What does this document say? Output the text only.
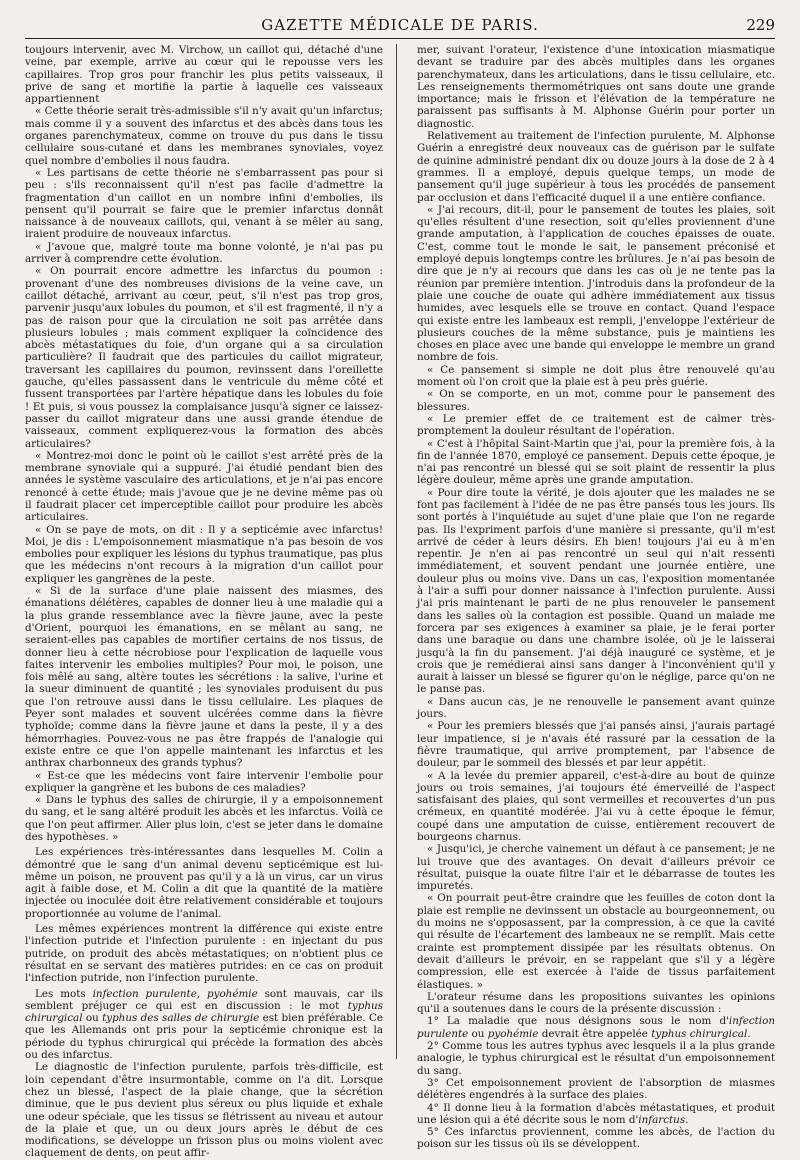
GAZETTE MÉDICALE DE PARIS.	229

toujours intervenir, avec M. Virchow, un caillot qui, détaché d'une veine, par exemple, arrive au cœur qui le repousse vers les capillaires. Trop gros pour franchir les plus petits vaisseaux, il prive de sang et mortifie la partie à laquelle ces vaisseaux appartiennent

« Cette théorie serait très-admissible s'il n'y avait qu'un infarctus; mais comme il y a souvent des infarctus et des abcès dans tous les organes parenchymateux, comme on trouve du pus dans le tissu cellulaire sous-cutané et dans les membranes synoviales, voyez quel nombre d'embolies il nous faudra.

« Les partisans de cette théorie ne s'embarrassent pas pour si peu : s'ils reconnaissent qu'il n'est pas facile d'admettre la fragmentation d'un caillot en un nombre infini d'embolies, ils pensent qu'il pourrait se faire que le premier infarctus donnât naissance à de nouveaux caillots, qui, venant à se mêler au sang, iraient produire de nouveaux infarctus.

« J'avoue que, malgré toute ma bonne volonté, je n'ai pas pu arriver à comprendre cette évolution.

« On pourrait encore admettre les infarctus du poumon : provenant d'une des nombreuses divisions de la veine cave, un caillot détaché, arrivant au cœur, peut, s'il n'est pas trop gros, parvenir jusqu'aux lobules du poumon, et s'il est fragmenté, il n'y a pas de raison pour que la circulation ne soit pas arrêtée dans plusieurs lobules ; mais comment expliquer la coïncidence des abcès métastatiques du foie, d'un organe qui a sa circulation particulière? Il faudrait que des particules du caillot migrateur, traversant les capillaires du poumon, revinssent dans l'oreillette gauche, qu'elles passassent dans le ventricule du même côté et fussent transportées par l'artère hépatique dans les lobules du foie ! Et puis, si vous poussez la complaisance jusqu'à signer ce laissez-passer du caillot migrateur dans une aussi grande étendue de vaisseaux, comment expliquerez-vous la formation des abcès articulaires?

« Montrez-moi donc le point où le caillot s'est arrêté près de la membrane synoviale qui a suppuré. J'ai étudié pendant bien des années le système vasculaire des articulations, et je n'ai pas encore renoncé à cette étude; mais j'avoue que je ne devine même pas où il faudrait placer cet imperceptible caillot pour produire les abcès articulaires.

« On se paye de mots, on dit : Il y a septicémie avec infarctus! Moi, je dis : L'empoisonnement miasmatique n'a pas besoin de vos embolies pour expliquer les lésions du typhus traumatique, pas plus que les médecins n'ont recours à la migration d'un caillot pour expliquer les gangrènes de la peste.

« Si de la surface d'une plaie naissent des miasmes, des émanations délétères, capables de donner lieu à une maladie qui a la plus grande ressemblance avec la fièvre jaune, avec la peste d'Orient, pourquoi les émanations, en se mêlant au sang, ne seraient-elles pas capables de mortifier certains de nos tissus, de donner lieu à cette nécrobiose pour l'explication de laquelle vous faites intervenir les embolies multiples? Pour moi, le poison, une fois mêlé au sang, altère toutes les sécrétions : la salive, l'urine et la sueur diminuent de quantité ; les synoviales produisent du pus que l'on retrouve aussi dans le tissu cellulaire. Les plaques de Peyer sont malades et souvent ulcérées comme dans la fièvre typhoïde; comme dans la fièvre jaune et dans la peste, il y a des hémorrhagies. Pouvez-vous ne pas être frappés de l'analogie qui existe entre ce que l'on appelle maintenant les infarctus et les anthrax charbonneux des grands typhus?

« Est-ce que les médecins vont faire intervenir l'embolie pour expliquer la gangrène et les bubons de ces maladies?

« Dans le typhus des salles de chirurgie, il y a empoisonnement du sang, et le sang altéré produit les abcès et les infarctus. Voilà ce que l'on peut affirmer. Aller plus loin, c'est se jeter dans le domaine des hypothèses. »

Les expériences très-intéressantes dans lesquelles M. Colin a démontré que le sang d'un animal devenu septicémique est lui-même un poison, ne prouvent pas qu'il y a là un virus, car un virus agit à faible dose, et M. Colin a dit que la quantité de la matière injectée ou inoculée doit être relativement considérable et toujours proportionnée au volume de l'animal.

Les mêmes expériences montrent la différence qui existe entre l'infection putride et l'infection purulente : en injectant du pus putride, on produit des abcès métastatiques; on n'obtient plus ce résultat en se servant des matières putrides: en ce cas on produit l'infection putride, non l'infection purulente.

Les mots infection purulente, pyohémie sont mauvais, car ils semblent préjuger ce qui est en discussion : le mot typhus chirurgical ou typhus des salles de chirurgie est bien préférable. Ce que les Allemands ont pris pour la septicémie chronique est la période du typhus chirurgical qui précède la formation des abcès ou des infarctus.

Le diagnostic de l'infection purulente, parfois très-difficile, est loin cependant d'être insurmontable, comme on l'a dit. Lorsque chez un blessé, l'aspect de la plaie change, que la sécrétion diminue, que le pus devient plus séreux ou plus liquide et exhale une odeur spéciale, que les tissus se flétrissent au niveau et autour de la plaie et que, un ou deux jours après le début de ces modifications, se développe un frisson plus ou moins violent avec claquement de dents, on peut affir-

mer, suivant l'orateur, l'existence d'une intoxication miasmatique devant se traduire par des abcès multiples dans les organes parenchymateux, dans les articulations, dans le tissu cellulaire, etc. Les renseignements thermométriques ont sans doute une grande importance; mais le frisson et l'élévation de la température ne paraissent pas suffisants à M. Alphonse Guérin pour porter un diagnostic.

Relativement au traitement de l'infection purulente, M. Alphonse Guérin a enregistré deux nouveaux cas de guérison par le sulfate de quinine administré pendant dix ou douze jours à la dose de 2 à 4 grammes. Il a employé, depuis quelque temps, un mode de pansement qu'il juge supérieur à tous les procédés de pansement par occlusion et dans l'efficacité duquel il a une entière confiance.

« J'ai recours, dit-il, pour le pansement de toutes les plaies, soit qu'elles résultent d'une resection, soit qu'elles proviennent d'une grande amputation, à l'application de couches épaisses de ouate. C'est, comme tout le monde le sait, le pansement préconisé et employé depuis longtemps contre les brûlures. Je n'ai pas besoin de dire que je n'y ai recours que dans les cas où je ne tente pas la réunion par première intention. J'introduis dans la profondeur de la plaie une couche de ouate qui adhère immédiatement aux tissus humides, avec lesquels elle se trouve en contact. Quand l'espace qui existe entre les lambeaux est rempli, j'enveloppe l'extérieur de plusieurs couches de la même substance, puis je maintiens les choses en place avec une bande qui enveloppe le membre un grand nombre de fois.

« Ce pansement si simple ne doit plus être renouvelé qu'au moment où l'on croit que la plaie est à peu près guérie.

« On se comporte, en un mot, comme pour le pansement des blessures.

« Le premier effet de ce traitement est de calmer très-promptement la douleur résultant de l'opération.

« C'est à l'hôpital Saint-Martin que j'ai, pour la première fois, à la fin de l'année 1870, employé ce pansement. Depuis cette époque, je n'ai pas rencontré un blessé qui se soit plaint de ressentir la plus légère douleur, même après une grande amputation.

« Pour dire toute la vérité, je dois ajouter que les malades ne se font pas facilement à l'idée de ne pas être pansés tous les jours. Ils sont portés à l'inquiétude au sujet d'une plaie que l'on ne regarde pas. Ils l'expriment parfois d'une manière si pressante, qu'il m'est arrivé de céder à leurs désirs. Eh bien! toujours j'ai eu à m'en repentir. Je n'en ai pas rencontré un seul qui n'ait ressenti immédiatement, et souvent pendant une journée entière, une douleur plus ou moins vive. Dans un cas, l'exposition momentanée à l'air a suffi pour donner naissance à l'infection purulente. Aussi j'ai pris maintenant le parti de ne plus renouveler le pansement dans les salles où la contagion est possible. Quand un malade me forcera par ses exigences à examiner sa plaie, je le ferai porter dans une baraque ou dans une chambre isolée, où je le laisserai jusqu'à la fin du pansement. J'ai déjà inauguré ce système, et je crois que je remédierai ainsi sans danger à l'inconvénient qu'il y aurait à laisser un blessé se figurer qu'on le néglige, parce qu'on ne le panse pas.

« Dans aucun cas, je ne renouvelle le pansement avant quinze jours.

« Pour les premiers blessés que j'ai pansés ainsi, j'aurais partagé leur impatience, si je n'avais été rassuré par la cessation de la fièvre traumatique, qui arrive promptement, par l'absence de douleur, par le sommeil des blessés et par leur appétit.

« A la levée du premier appareil, c'est-à-dire au bout de quinze jours ou trois semaines, j'ai toujours été émerveillé de l'aspect satisfaisant des plaies, qui sont vermeilles et recouvertes d'un pus crémeux, en quantité modérée. J'ai vu à cette époque le fémur, coupé dans une amputation de cuisse, entièrement recouvert de bourgeons charnus.

« Jusqu'ici, je cherche vainement un défaut à ce pansement; je ne lui trouve que des avantages. On devait d'ailleurs prévoir ce résultat, puisque la ouate filtre l'air et le débarrasse de toutes les impuretés.

« On pourrait peut-être craindre que les feuilles de coton dont la plaie est remplie ne devinssent un obstacle au bourgeonnement, ou du moins ne s'opposassent, par la compression, à ce que la cavité qui résulte de l'écartement des lambeaux ne se remplît. Mais cette crainte est promptement dissipée par les résultats obtenus. On devait d'ailleurs le prévoir, en se rappelant que s'il y a légère compression, elle est exercée à l'aide de tissus parfaitement élastiques. »

L'orateur résume dans les propositions suivantes les opinions qu'il a soutenues dans le cours de la présente discussion :

1° La maladie que nous désignons sous le nom d'infection purulente ou pyohémie devrait être appelée typhus chirurgical.

2° Comme tous les autres typhus avec lesquels il a la plus grande analogie, le typhus chirurgical est le résultat d'un empoisonnement du sang.

3° Cet empoisonnement provient de l'absorption de miasmes délétères engendrés à la surface des plaies.

4° Il donne lieu à la formation d'abcès métastatiques, et produit une lésion qui a été décrite sous le nom d'infarctus.

5° Ces infarctus proviennent, comme les abcès, de l'action du poison sur les tissus où ils se développent.
